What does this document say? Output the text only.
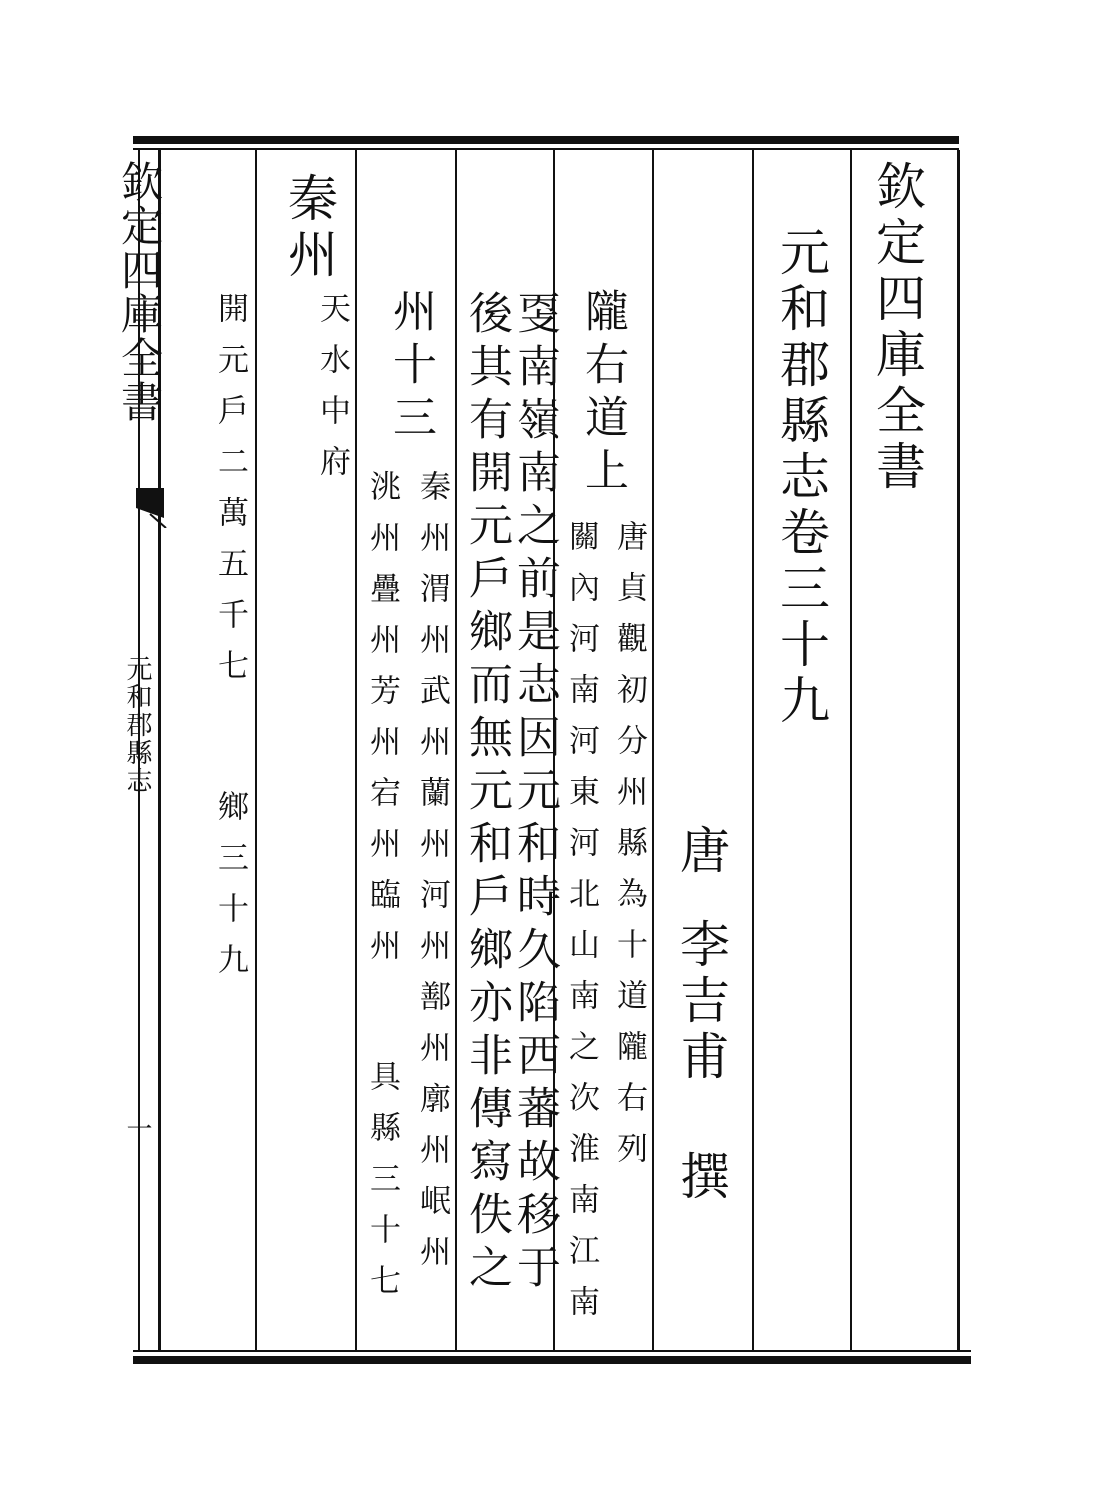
欽定四庫全書
元和郡縣志
一
欽定四庫全書
元和郡縣志卷三十九
唐
李吉甫
撰
隴右道上
關內河南河東河北山南之次淮南江南 唐貞觀初分州縣為十道隴右列
㪅南嶺南之前是志因元和時久陷西蕃故移于
後其有開元戶鄉而無元和戶鄉亦非傳寫佚之
州十三
秦州渭州武州蘭州河州鄯州廓州岷州
洮州疊州芳州宕州臨州
具縣三十七
秦州
天水中府
開元戶二萬五千七
鄉三十九
